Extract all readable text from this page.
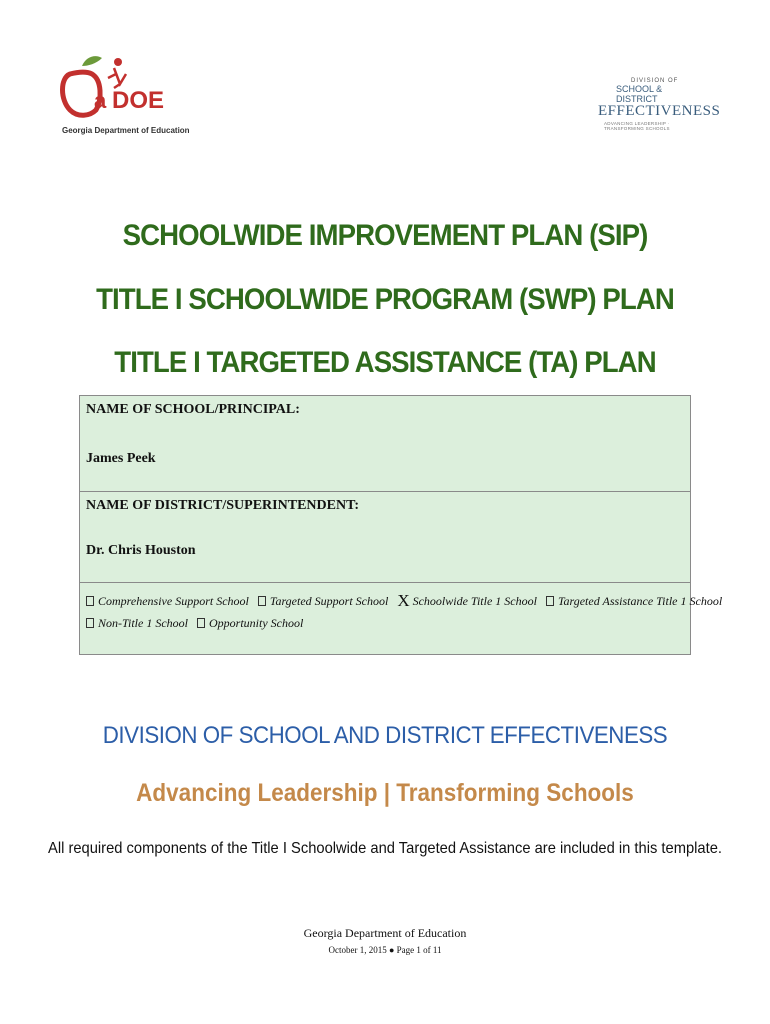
a DOE
Georgia Department of Education
DIVISION OF
SCHOOL & DISTRICT
EFFECTIVENESS
ADVANCING LEADERSHIP · TRANSFORMING SCHOOLS
SCHOOLWIDE IMPROVEMENT PLAN (SIP)
TITLE I SCHOOLWIDE PROGRAM (SWP) PLAN
TITLE I TARGETED ASSISTANCE (TA) PLAN
NAME OF SCHOOL/PRINCIPAL:
James Peek
NAME OF DISTRICT/SUPERINTENDENT:
Dr. Chris Houston
Comprehensive Support School Targeted Support School X Schoolwide Title 1 School Targeted Assistance Title 1 School
Non-Title 1 School Opportunity School
DIVISION OF SCHOOL AND DISTRICT EFFECTIVENESS
Advancing Leadership | Transforming Schools
All required components of the Title I Schoolwide and Targeted Assistance are included in this template.
Georgia Department of Education
October 1, 2015 ● Page 1 of 11
